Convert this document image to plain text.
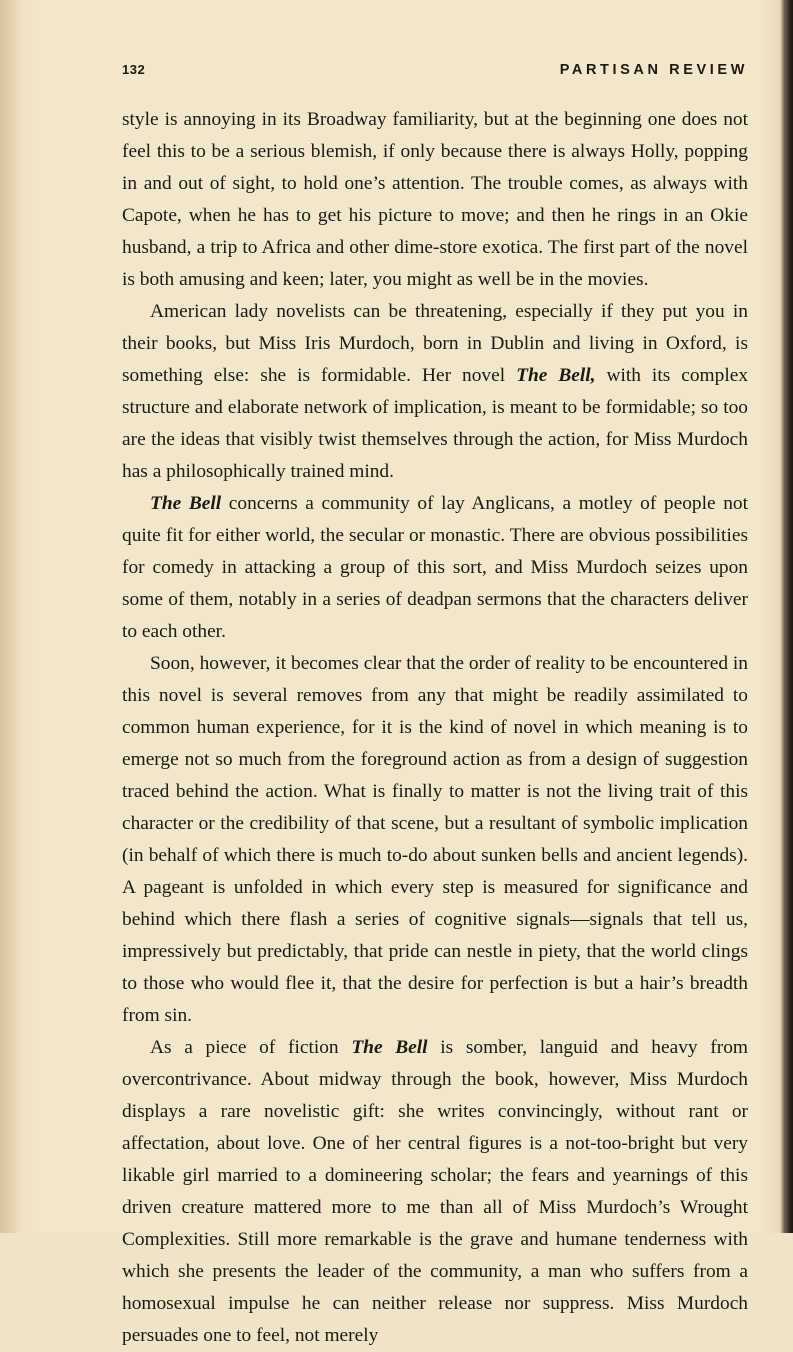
132	PARTISAN REVIEW

style is annoying in its Broadway familiarity, but at the beginning one does not feel this to be a serious blemish, if only because there is always Holly, popping in and out of sight, to hold one’s attention. The trouble comes, as always with Capote, when he has to get his picture to move; and then he rings in an Okie husband, a trip to Africa and other dime-store exotica. The first part of the novel is both amusing and keen; later, you might as well be in the movies.

American lady novelists can be threatening, especially if they put you in their books, but Miss Iris Murdoch, born in Dublin and living in Oxford, is something else: she is formidable. Her novel The Bell, with its complex structure and elaborate network of implication, is meant to be formidable; so too are the ideas that visibly twist themselves through the action, for Miss Murdoch has a philosophically trained mind.

The Bell concerns a community of lay Anglicans, a motley of people not quite fit for either world, the secular or monastic. There are obvious possibilities for comedy in attacking a group of this sort, and Miss Murdoch seizes upon some of them, notably in a series of deadpan sermons that the characters deliver to each other.

Soon, however, it becomes clear that the order of reality to be encountered in this novel is several removes from any that might be readily assimilated to common human experience, for it is the kind of novel in which meaning is to emerge not so much from the foreground action as from a design of suggestion traced behind the action. What is finally to matter is not the living trait of this character or the credibility of that scene, but a resultant of symbolic implication (in behalf of which there is much to-do about sunken bells and ancient legends). A pageant is unfolded in which every step is measured for significance and behind which there flash a series of cognitive signals—signals that tell us, impressively but predictably, that pride can nestle in piety, that the world clings to those who would flee it, that the desire for perfection is but a hair’s breadth from sin.

As a piece of fiction The Bell is somber, languid and heavy from overcontrivance. About midway through the book, however, Miss Murdoch displays a rare novelistic gift: she writes convincingly, without rant or affectation, about love. One of her central figures is a not-too-bright but very likable girl married to a domineering scholar; the fears and yearnings of this driven creature mattered more to me than all of Miss Murdoch’s Wrought Complexities. Still more remarkable is the grave and humane tenderness with which she presents the leader of the community, a man who suffers from a homosexual impulse he can neither release nor suppress. Miss Murdoch persuades one to feel, not merely
